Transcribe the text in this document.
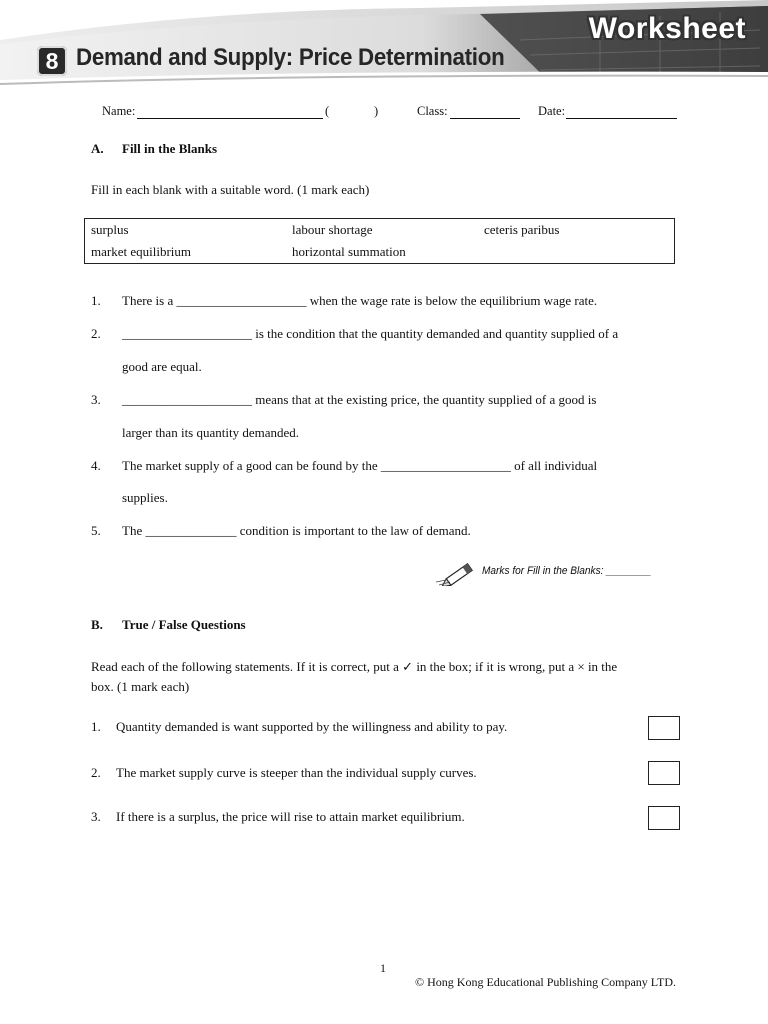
8 Demand and Supply: Price Determination
Worksheet
Name:	(	)	Class:	Date:
A. Fill in the Blanks
Fill in each blank with a suitable word. (1 mark each)
surplus	labour shortage	ceteris paribus
market equilibrium	horizontal summation
1. There is a ____________________ when the wage rate is below the equilibrium wage rate.
2. ____________________ is the condition that the quantity demanded and quantity supplied of a
good are equal.
3. ____________________ means that at the existing price, the quantity supplied of a good is
larger than its quantity demanded.
4. The market supply of a good can be found by the ____________________ of all individual
supplies.
5. The ______________ condition is important to the law of demand.
Marks for Fill in the Blanks: ________
B. True / False Questions
Read each of the following statements. If it is correct, put a ✓ in the box; if it is wrong, put a × in the
box. (1 mark each)
1. Quantity demanded is want supported by the willingness and ability to pay.
2. The market supply curve is steeper than the individual supply curves.
3. If there is a surplus, the price will rise to attain market equilibrium.
1
© Hong Kong Educational Publishing Company LTD.
